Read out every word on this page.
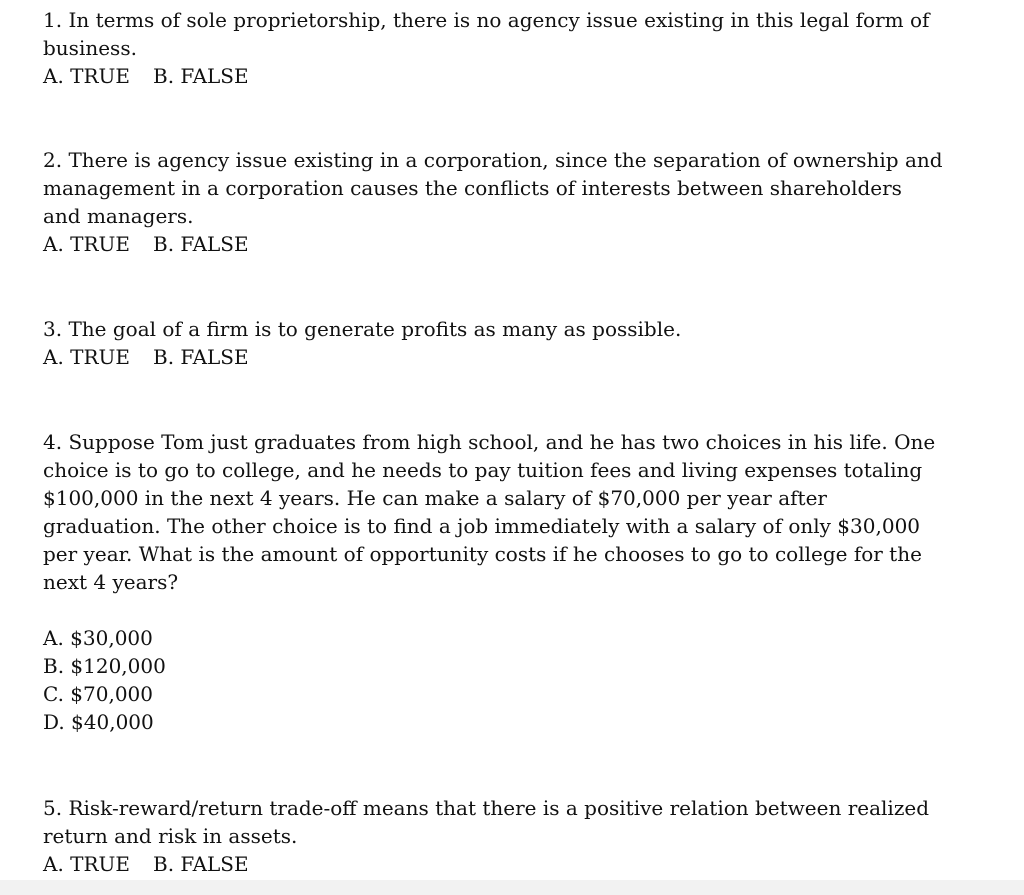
1. In terms of sole proprietorship, there is no agency issue existing in this legal form of business.

A. TRUE B. FALSE

2. There is agency issue existing in a corporation, since the separation of ownership and management in a corporation causes the conflicts of interests between shareholders and managers.

A. TRUE B. FALSE

3. The goal of a firm is to generate profits as many as possible.

A. TRUE B. FALSE

4. Suppose Tom just graduates from high school, and he has two choices in his life. One choice is to go to college, and he needs to pay tuition fees and living expenses totaling $100,000 in the next 4 years. He can make a salary of $70,000 per year after graduation. The other choice is to find a job immediately with a salary of only $30,000 per year. What is the amount of opportunity costs if he chooses to go to college for the next 4 years?

A. $30,000
B. $120,000
C. $70,000
D. $40,000

5. Risk-reward/return trade-off means that there is a positive relation between realized return and risk in assets.

A. TRUE B. FALSE
